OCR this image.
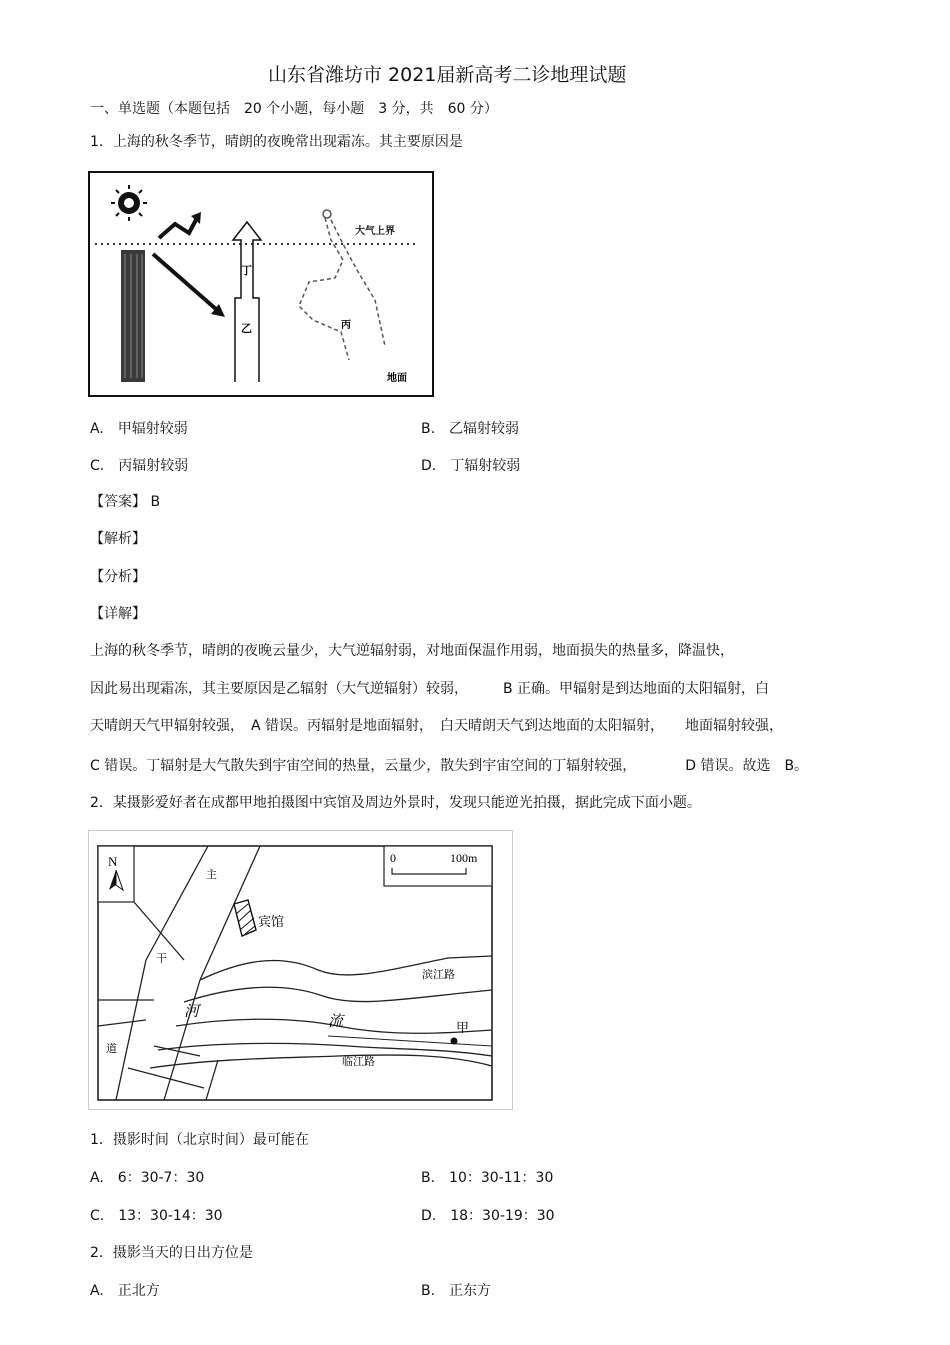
山东省潍坊市 2021届新高考二诊地理试题
一、单选题（本题包括　20 个小题，每小题　3 分，共　60 分）
1．上海的秋冬季节，晴朗的夜晚常出现霜冻。其主要原因是
大气上界
丁
乙	丙
地面
A.　甲辐射较弱	B.　乙辐射较弱
C.　丙辐射较弱	D.　丁辐射较弱
【答案】 B
【解析】
【分析】
【详解】
上海的秋冬季节，晴朗的夜晚云量少，大气逆辐射弱，对地面保温作用弱，地面损失的热量多，降温快，
因此易出现霜冻，其主要原因是乙辐射（大气逆辐射）较弱，　　　B 正确。甲辐射是到达地面的太阳辐射，白
天晴朗天气甲辐射较强，　A 错误。丙辐射是地面辐射，　白天晴朗天气到达地面的太阳辐射，　　地面辐射较强，
C 错误。丁辐射是大气散失到宇宙空间的热量，云量少，散失到宇宙空间的丁辐射较强，　　　　D 错误。故选　B。
2．某摄影爱好者在成都甲地拍摄图中宾馆及周边外景时，发现只能逆光拍摄，据此完成下面小题。
N	0	100m
宾馆
主
干
道
滨江路
临江路
河
流	甲
1．摄影时间（北京时间）最可能在
A.　6：30-7：30	B.　10：30-11：30
C.　13：30-14：30	D.　18：30-19：30
2．摄影当天的日出方位是
A.　正北方	B.　正东方
